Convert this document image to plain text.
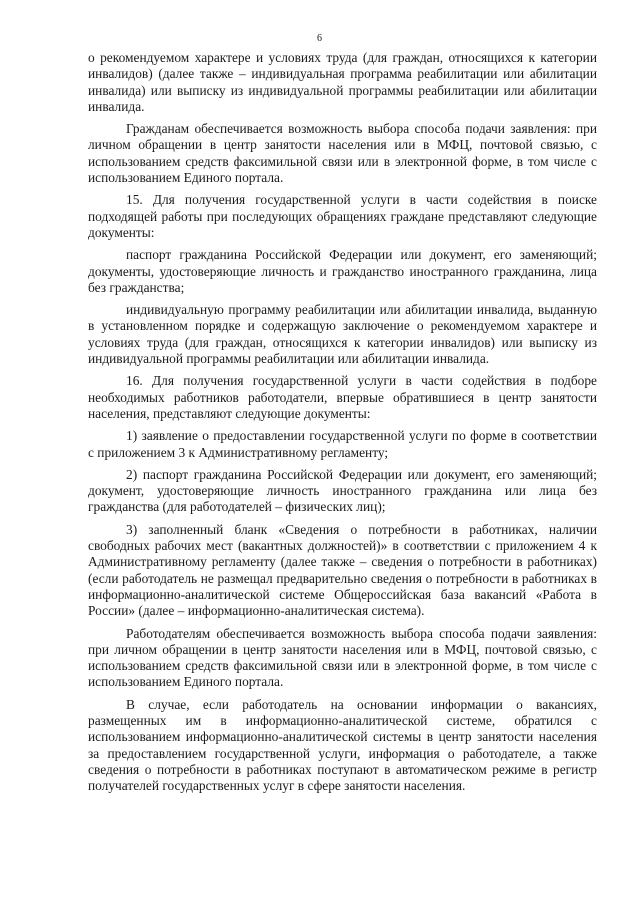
6

о рекомендуемом характере и условиях труда (для граждан, относящихся к категории инвалидов) (далее также – индивидуальная программа реабилитации или абилитации инвалида) или выписку из индивидуальной программы реабилитации или абилитации инвалида.

Гражданам обеспечивается возможность выбора способа подачи заявления: при личном обращении в центр занятости населения или в МФЦ, почтовой связью, с использованием средств факсимильной связи или в электронной форме, в том числе с использованием Единого портала.

15. Для получения государственной услуги в части содействия в поиске подходящей работы при последующих обращениях граждане представляют следующие документы:

паспорт гражданина Российской Федерации или документ, его заменяющий; документы, удостоверяющие личность и гражданство иностранного гражданина, лица без гражданства;

индивидуальную программу реабилитации или абилитации инвалида, выданную в установленном порядке и содержащую заключение о рекомендуемом характере и условиях труда (для граждан, относящихся к категории инвалидов) или выписку из индивидуальной программы реабилитации или абилитации инвалида.

16. Для получения государственной услуги в части содействия в подборе необходимых работников работодатели, впервые обратившиеся в центр занятости населения, представляют следующие документы:

1) заявление о предоставлении государственной услуги по форме в соответствии с приложением 3 к Административному регламенту;

2) паспорт гражданина Российской Федерации или документ, его заменяющий; документ, удостоверяющие личность иностранного гражданина или лица без гражданства (для работодателей – физических лиц);

3) заполненный бланк «Сведения о потребности в работниках, наличии свободных рабочих мест (вакантных должностей)» в соответствии с приложением 4 к Административному регламенту (далее также – сведения о потребности в работниках) (если работодатель не размещал предварительно сведения о потребности в работниках в информационно-аналитической системе Общероссийская база вакансий «Работа в России» (далее – информационно-аналитическая система).

Работодателям обеспечивается возможность выбора способа подачи заявления: при личном обращении в центр занятости населения или в МФЦ, почтовой связью, с использованием средств факсимильной связи или в электронной форме, в том числе с использованием Единого портала.

В случае, если работодатель на основании информации о вакансиях, размещенных им в информационно-аналитической системе, обратился с использованием информационно-аналитической системы в центр занятости населения за предоставлением государственной услуги, информация о работодателе, а также сведения о потребности в работниках поступают в автоматическом режиме в регистр получателей государственных услуг в сфере занятости населения.
